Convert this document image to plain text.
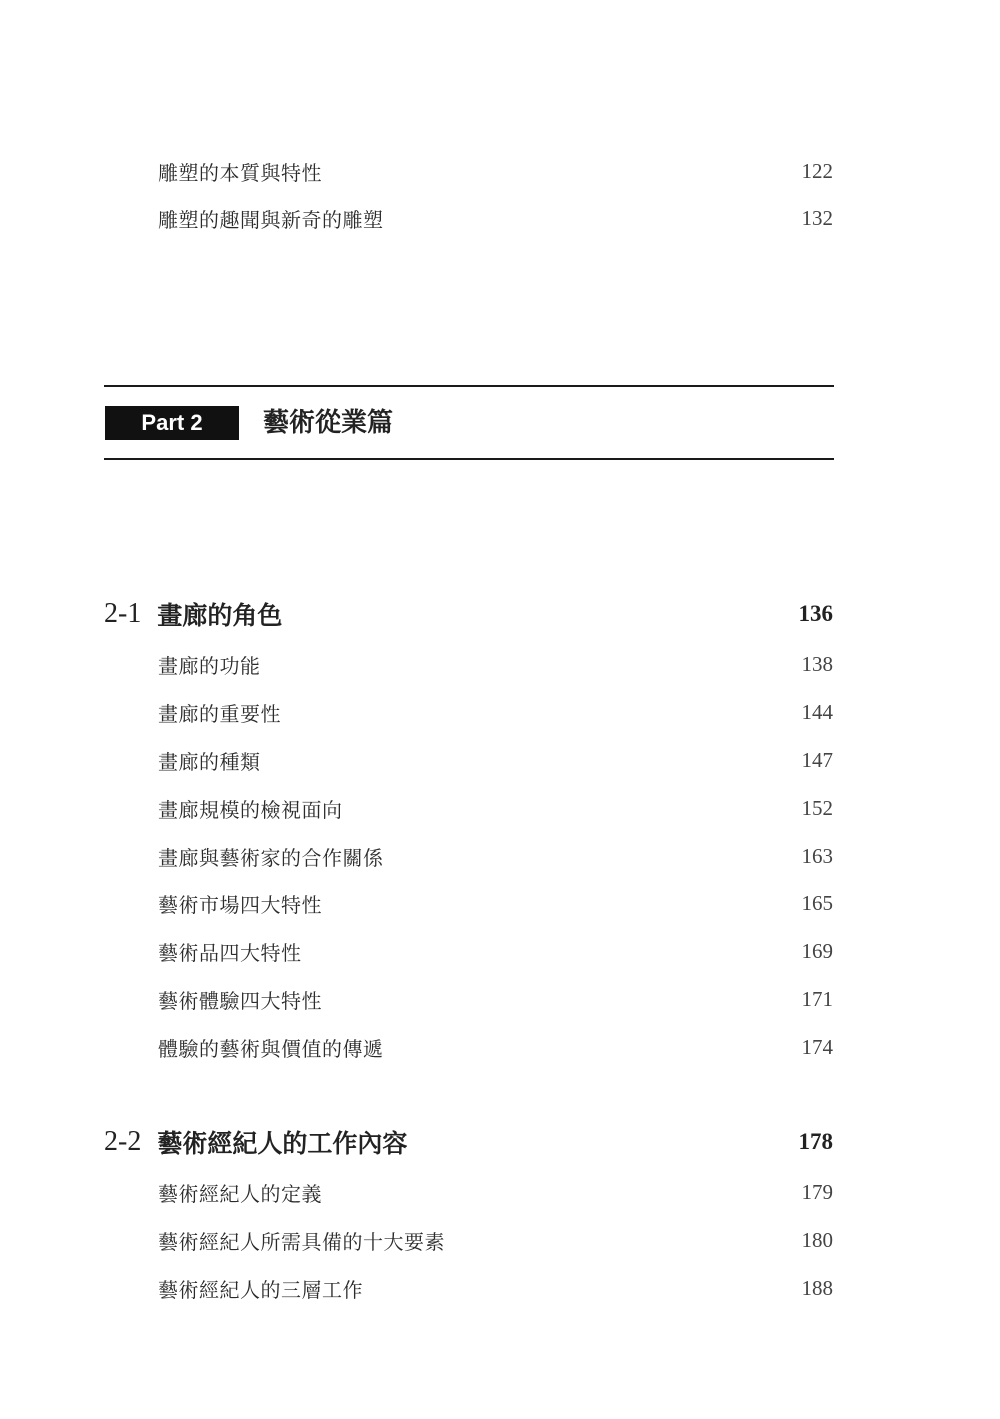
雕塑的本質與特性	122
雕塑的趣聞與新奇的雕塑	132
Part 2	藝術從業篇
2-1 畫廊的角色	136
畫廊的功能	138
畫廊的重要性	144
畫廊的種類	147
畫廊規模的檢視面向	152
畫廊與藝術家的合作關係	163
藝術市場四大特性	165
藝術品四大特性	169
藝術體驗四大特性	171
體驗的藝術與價值的傳遞	174
2-2 藝術經紀人的工作內容	178
藝術經紀人的定義	179
藝術經紀人所需具備的十大要素	180
藝術經紀人的三層工作	188
